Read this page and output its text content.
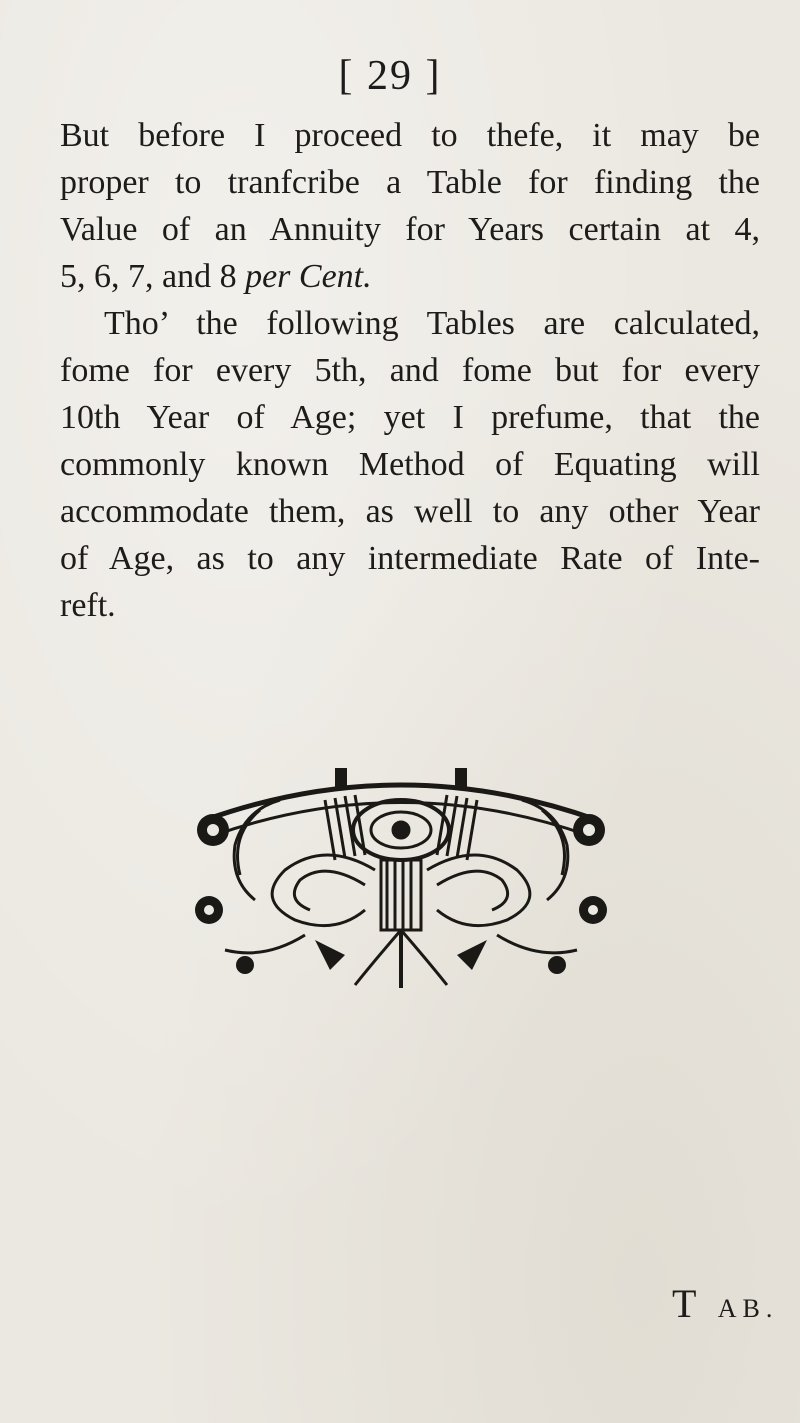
[ 29 ]

But before I proceed to thefe, it may be
proper to tranfcribe a Table for finding the
Value of an Annuity for Years certain at 4,
5, 6, 7, and 8 per Cent.

Tho’ the following Tables are calculated,
fome for every 5th, and fome but for every
10th Year of Age; yet I prefume, that the
commonly known Method of Equating will
accommodate them, as well to any other Year
of Age, as to any intermediate Rate of Inte-
reft.

T AB.
